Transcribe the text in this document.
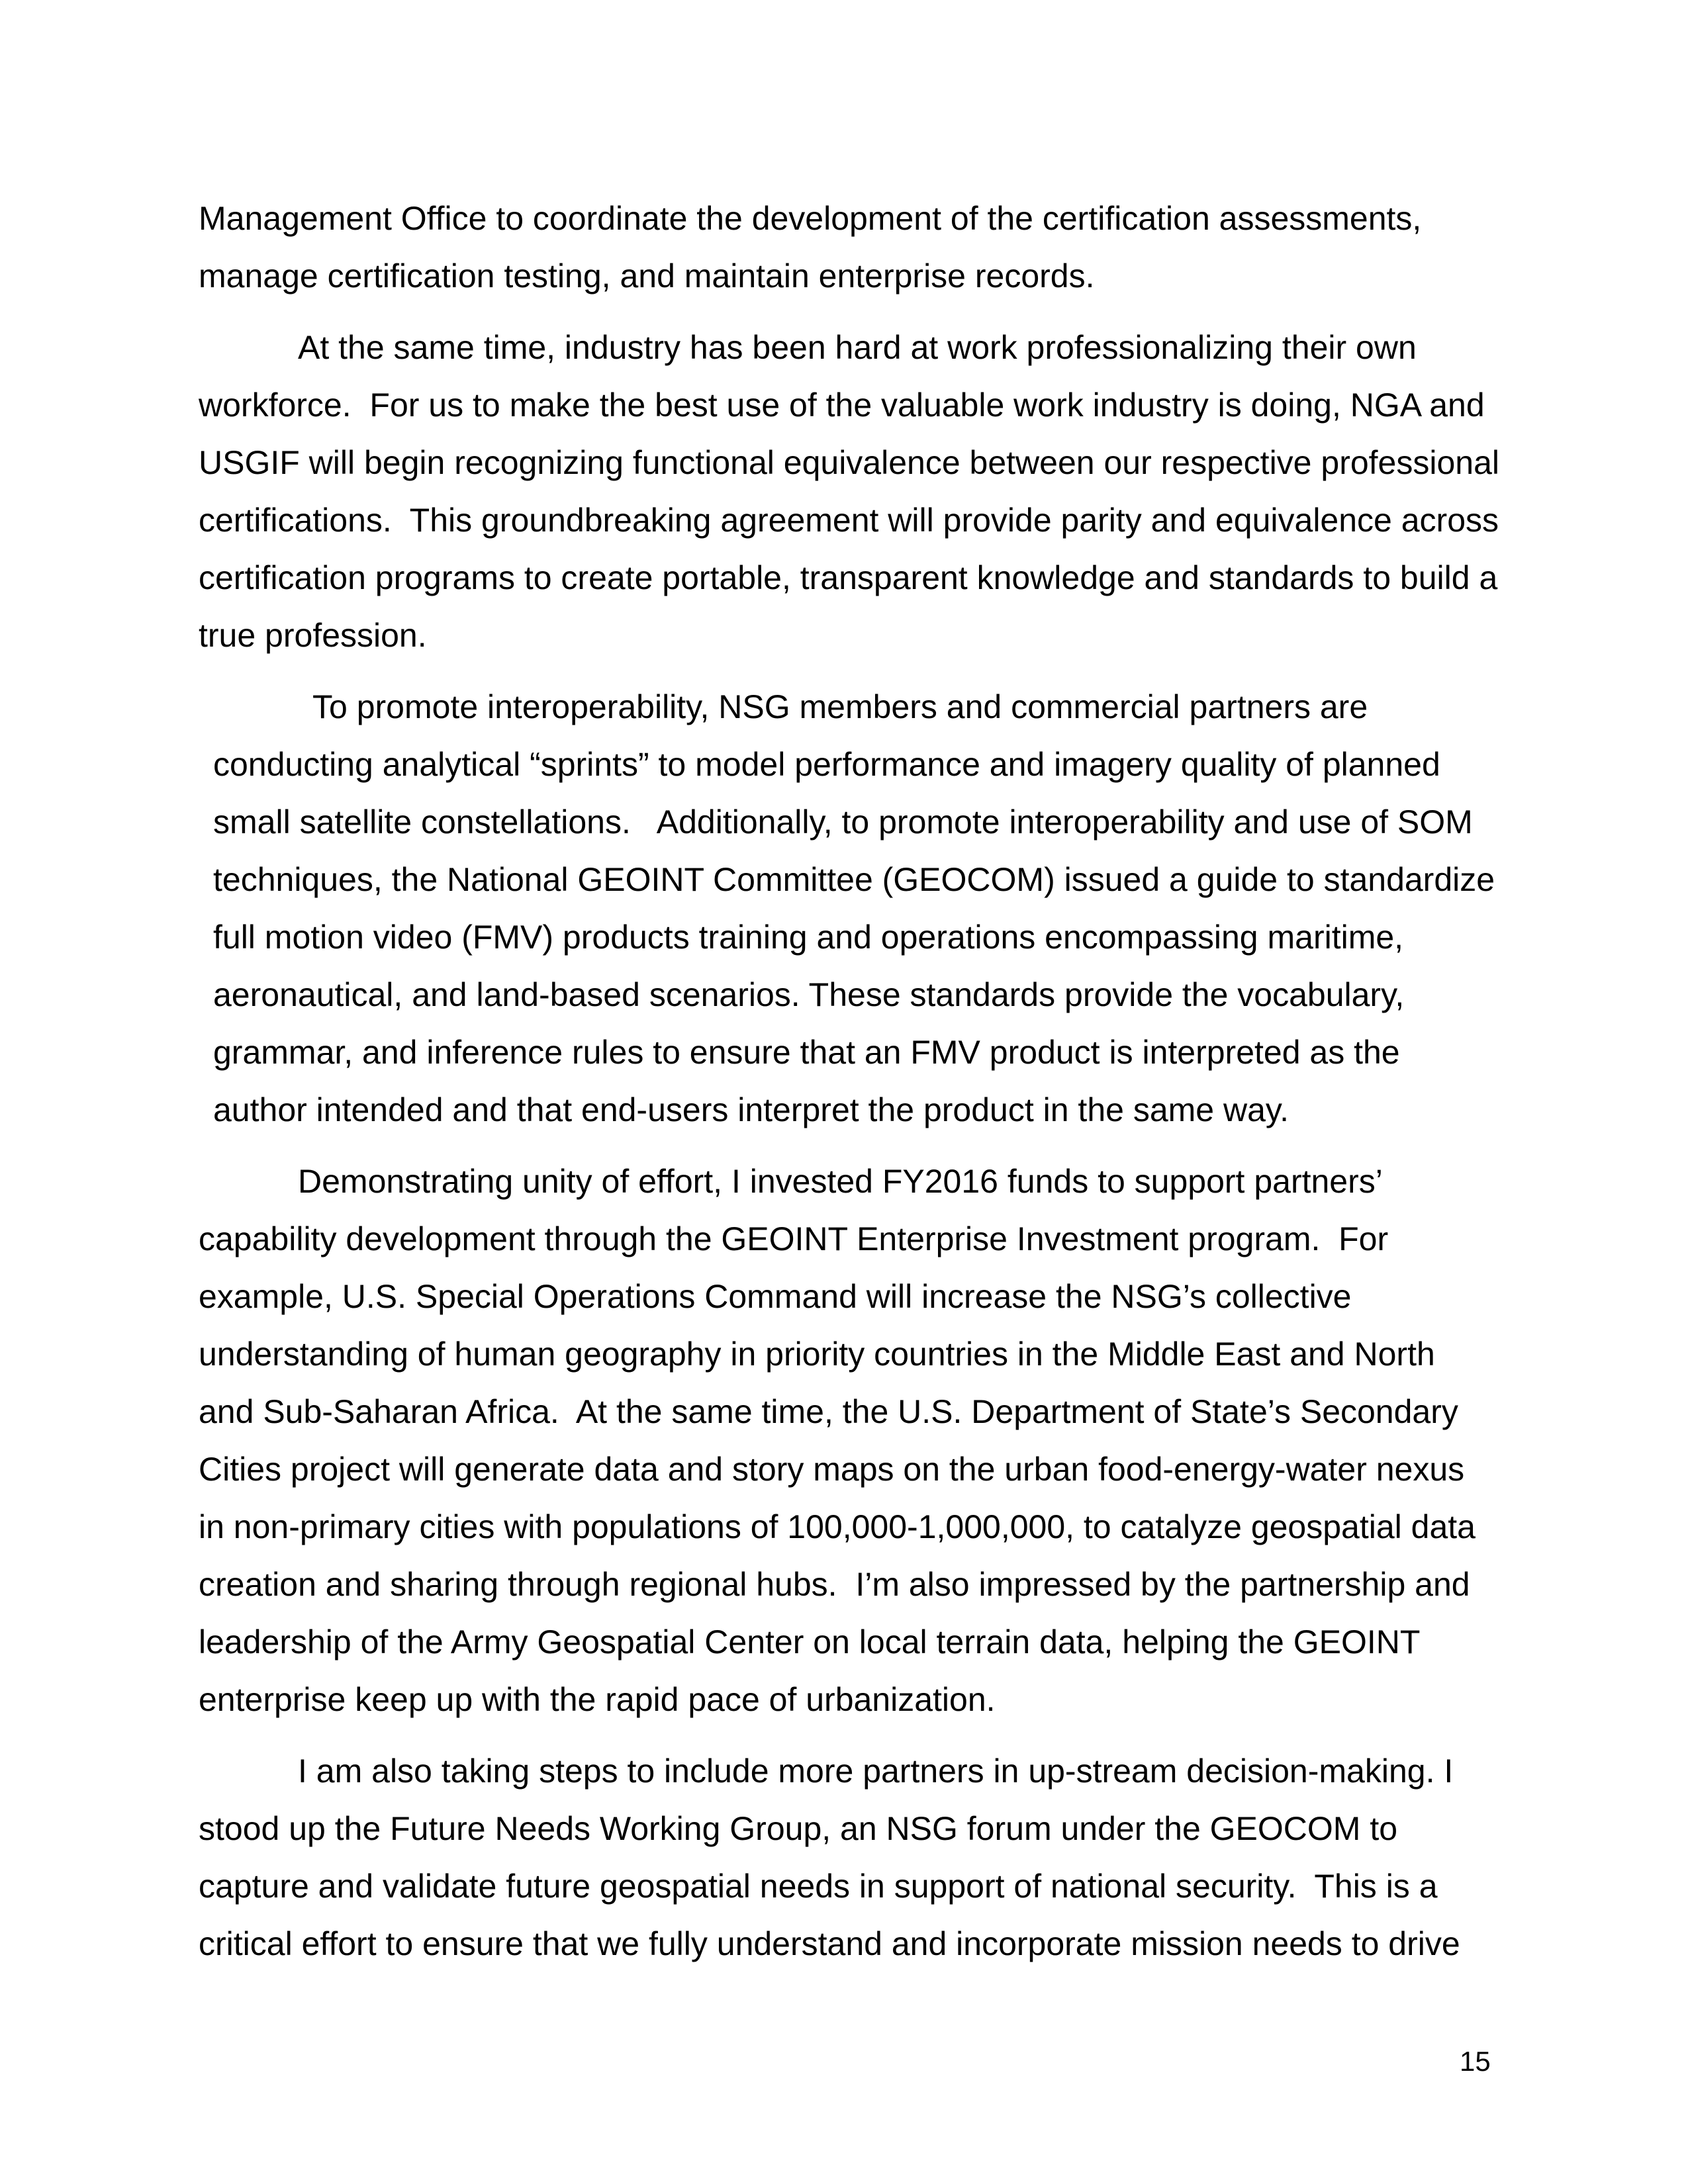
Management Office to coordinate the development of the certification assessments,
manage certification testing, and maintain enterprise records.
At the same time, industry has been hard at work professionalizing their own
workforce.  For us to make the best use of the valuable work industry is doing, NGA and
USGIF will begin recognizing functional equivalence between our respective professional
certifications.  This groundbreaking agreement will provide parity and equivalence across
certification programs to create portable, transparent knowledge and standards to build a
true profession.
To promote interoperability, NSG members and commercial partners are
conducting analytical “sprints” to model performance and imagery quality of planned
small satellite constellations.   Additionally, to promote interoperability and use of SOM
techniques, the National GEOINT Committee (GEOCOM) issued a guide to standardize
full motion video (FMV) products training and operations encompassing maritime,
aeronautical, and land-based scenarios. These standards provide the vocabulary,
grammar, and inference rules to ensure that an FMV product is interpreted as the
author intended and that end-users interpret the product in the same way.
Demonstrating unity of effort, I invested FY2016 funds to support partners’
capability development through the GEOINT Enterprise Investment program.  For
example, U.S. Special Operations Command will increase the NSG’s collective
understanding of human geography in priority countries in the Middle East and North
and Sub-Saharan Africa.  At the same time, the U.S. Department of State’s Secondary
Cities project will generate data and story maps on the urban food-energy-water nexus
in non-primary cities with populations of 100,000-1,000,000, to catalyze geospatial data
creation and sharing through regional hubs.  I’m also impressed by the partnership and
leadership of the Army Geospatial Center on local terrain data, helping the GEOINT
enterprise keep up with the rapid pace of urbanization.
I am also taking steps to include more partners in up-stream decision-making. I
stood up the Future Needs Working Group, an NSG forum under the GEOCOM to
capture and validate future geospatial needs in support of national security.  This is a
critical effort to ensure that we fully understand and incorporate mission needs to drive
15
